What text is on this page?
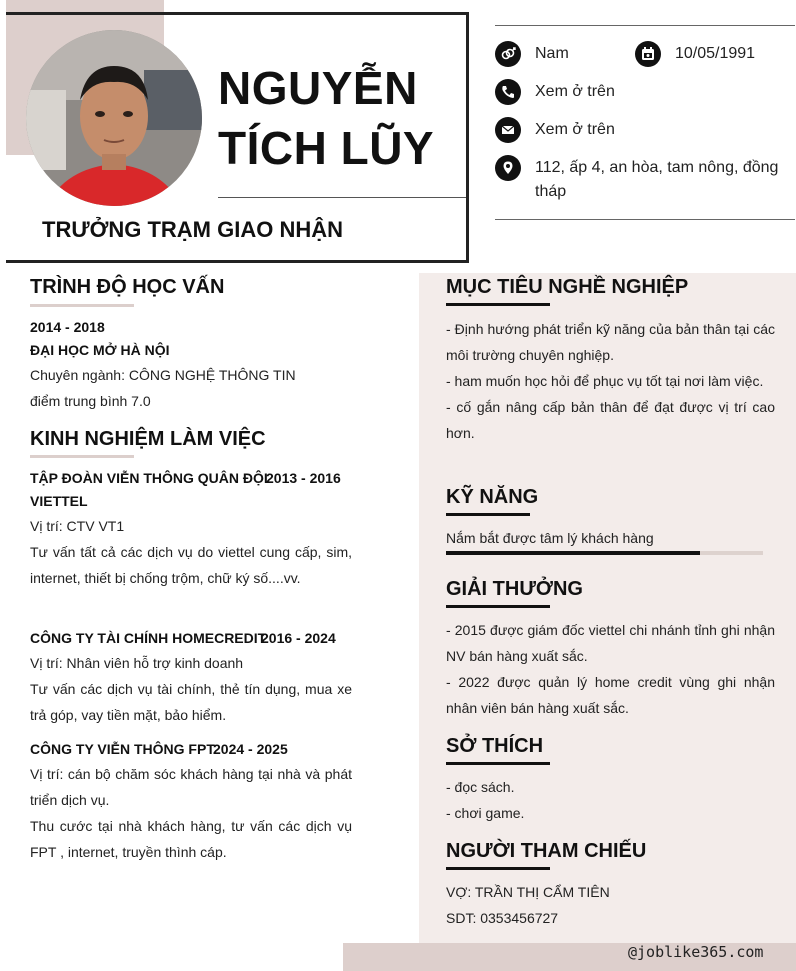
NGUYỄN
TÍCH LŨY
TRƯỞNG TRẠM GIAO NHẬN
Nam	10/05/1991
Xem ở trên
Xem ở trên
112, ấp 4, an hòa, tam nông, đồng tháp
TRÌNH ĐỘ HỌC VẤN
2014 - 2018
ĐẠI HỌC MỞ HÀ NỘI
Chuyên ngành: CÔNG NGHỆ THÔNG TIN
điểm trung bình 7.0
KINH NGHIỆM LÀM VIỆC
TẬP ĐOÀN VIỄN THÔNG QUÂN ĐỘI
2013 - 2016
VIETTEL
Vị trí: CTV VT1
Tư vấn tất cả các dịch vụ do viettel cung cấp, sim, internet, thiết bị chống trộm, chữ ký số....vv.
CÔNG TY TÀI CHÍNH HOMECREDIT
2016 - 2024
Vị trí: Nhân viên hỗ trợ kinh doanh
Tư vấn các dịch vụ tài chính, thẻ tín dụng, mua xe trả góp, vay tiền mặt, bảo hiểm.
CÔNG TY VIỄN THÔNG FPT
2024 - 2025
Vị trí: cán bộ chăm sóc khách hàng tại nhà và phát triển dịch vụ.
Thu cước tại nhà khách hàng, tư vấn các dịch vụ FPT , internet, truyền thình cáp.
MỤC TIÊU NGHỀ NGHIỆP
- Định hướng phát triển kỹ năng của bản thân tại các môi trường chuyên nghiệp.
- ham muốn học hỏi để phục vụ tốt tại nơi làm việc.
- cố gắn nâng cấp bản thân để đạt được vị trí cao hơn.
KỸ NĂNG
Nắm bắt được tâm lý khách hàng
GIẢI THƯỞNG
- 2015 được giám đốc viettel chi nhánh tỉnh ghi nhận NV bán hàng xuất sắc.
- 2022 được quản lý home credit vùng ghi nhận nhân viên bán hàng xuất sắc.
SỞ THÍCH
- đọc sách.
- chơi game.
NGƯỜI THAM CHIẾU
VỢ: TRẦN THỊ CẨM TIÊN
SDT: 0353456727
@joblike365.com
